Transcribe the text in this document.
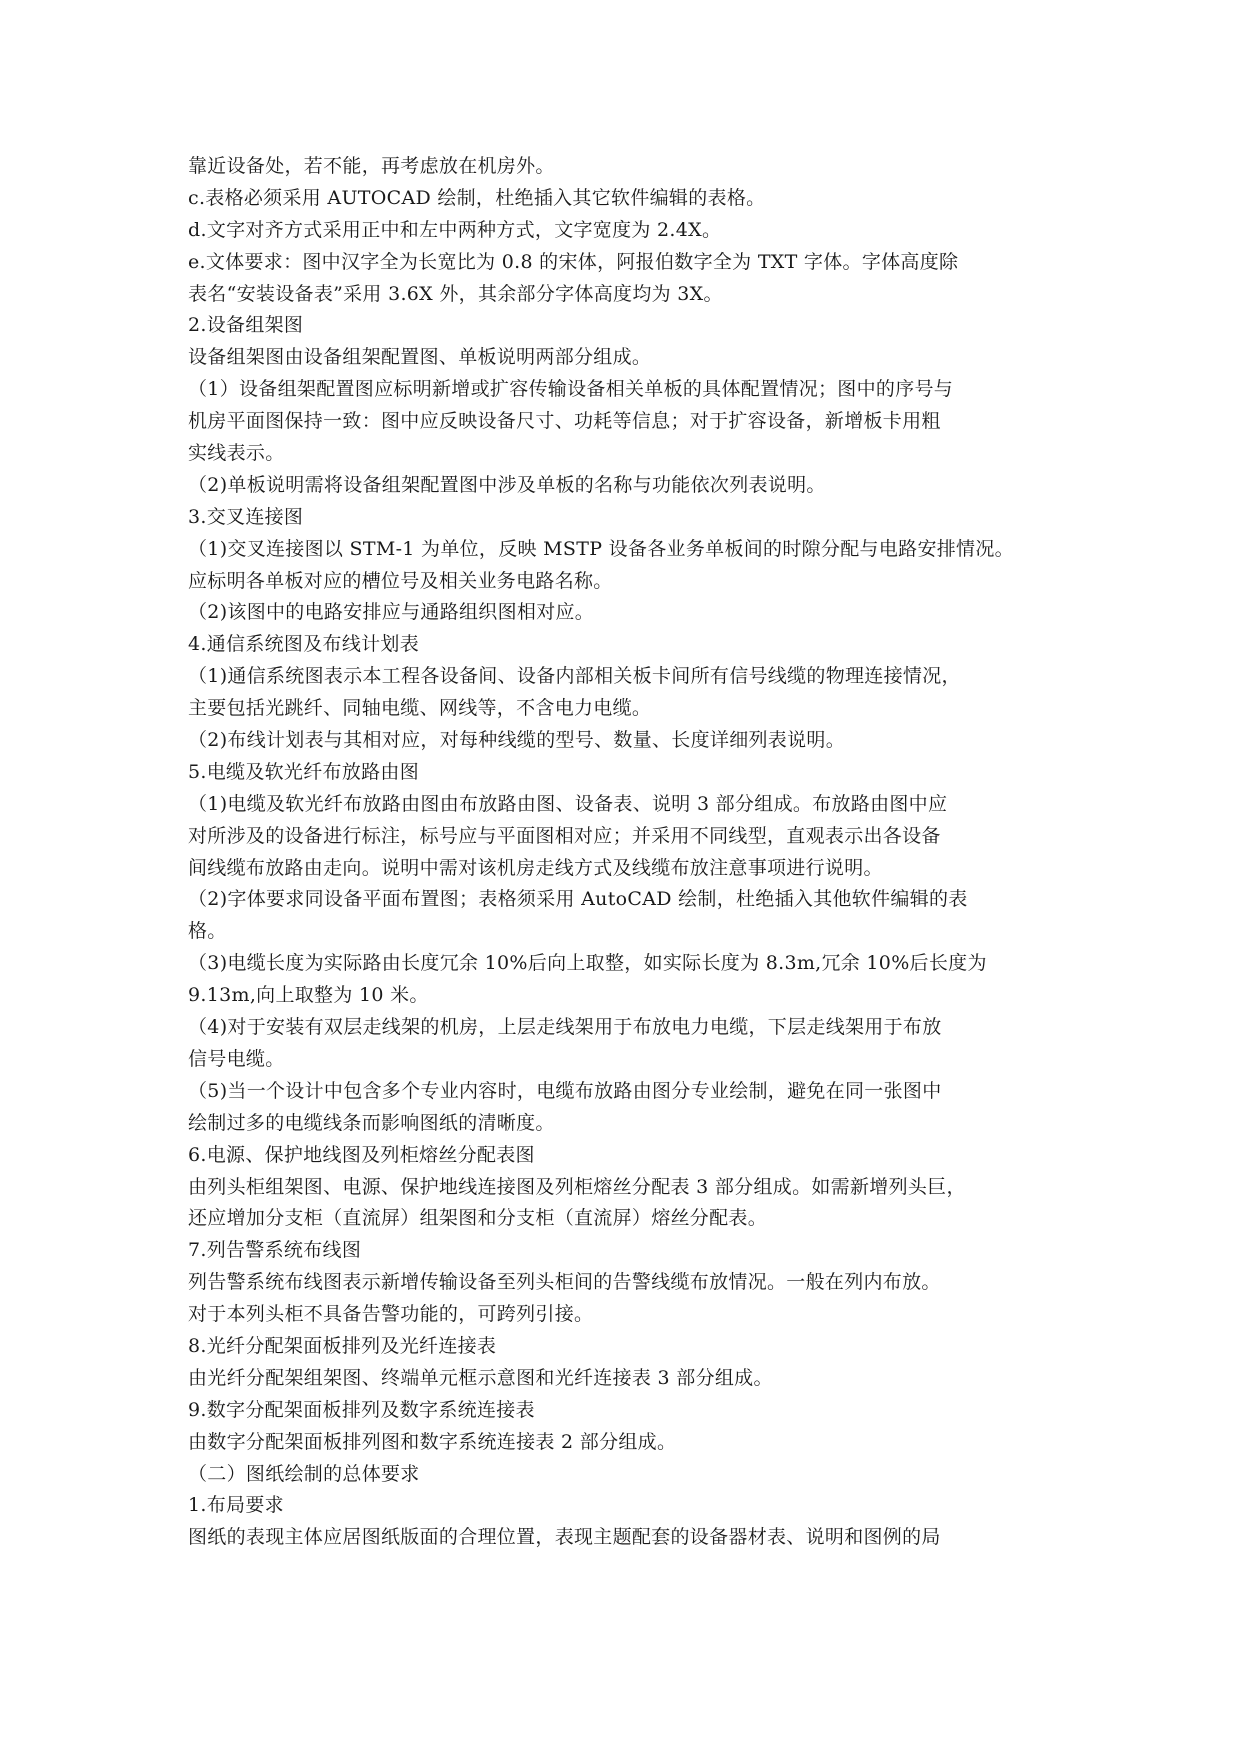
靠近设备处，若不能，再考虑放在机房外。
c.表格必须采用 AUTOCAD 绘制，杜绝插入其它软件编辑的表格。
d.文字对齐方式采用正中和左中两种方式，文字宽度为 2.4X。
e.文体要求：图中汉字全为长宽比为 0.8 的宋体，阿报伯数字全为 TXT 字体。字体高度除
表名“安装设备表”采用 3.6X 外，其余部分字体高度均为 3X。
2.设备组架图
设备组架图由设备组架配置图、单板说明两部分组成。
（1）设备组架配置图应标明新增或扩容传输设备相关单板的具体配置情况；图中的序号与
机房平面图保持一致：图中应反映设备尺寸、功耗等信息；对于扩容设备，新增板卡用粗
实线表示。
（2)单板说明需将设备组架配置图中涉及单板的名称与功能依次列表说明。
3.交叉连接图
（1)交叉连接图以 STM-1 为单位，反映 MSTP 设备各业务单板间的时隙分配与电路安排情况。
应标明各单板对应的槽位号及相关业务电路名称。
（2)该图中的电路安排应与通路组织图相对应。
4.通信系统图及布线计划表
（1)通信系统图表示本工程各设备间、设备内部相关板卡间所有信号线缆的物理连接情况，
主要包括光跳纤、同轴电缆、网线等，不含电力电缆。
（2)布线计划表与其相对应，对每种线缆的型号、数量、长度详细列表说明。
5.电缆及软光纤布放路由图
（1)电缆及软光纤布放路由图由布放路由图、设备表、说明 3 部分组成。布放路由图中应
对所涉及的设备进行标注，标号应与平面图相对应；并采用不同线型，直观表示出各设备
间线缆布放路由走向。说明中需对该机房走线方式及线缆布放注意事项进行说明。
（2)字体要求同设备平面布置图；表格须采用 AutoCAD 绘制，杜绝插入其他软件编辑的表
格。
（3)电缆长度为实际路由长度冗余 10%后向上取整，如实际长度为 8.3m,冗余 10%后长度为
9.13m,向上取整为 10 米。
（4)对于安装有双层走线架的机房，上层走线架用于布放电力电缆，下层走线架用于布放
信号电缆。
（5)当一个设计中包含多个专业内容时，电缆布放路由图分专业绘制，避免在同一张图中
绘制过多的电缆线条而影响图纸的清晰度。
6.电源、保护地线图及列柜熔丝分配表图
由列头柜组架图、电源、保护地线连接图及列柜熔丝分配表 3 部分组成。如需新增列头巨，
还应增加分支柜（直流屏）组架图和分支柜（直流屏）熔丝分配表。
7.列告警系统布线图
列告警系统布线图表示新增传输设备至列头柜间的告警线缆布放情况。一般在列内布放。
对于本列头柜不具备告警功能的，可跨列引接。
8.光纤分配架面板排列及光纤连接表
由光纤分配架组架图、终端单元框示意图和光纤连接表 3 部分组成。
9.数字分配架面板排列及数字系统连接表
由数字分配架面板排列图和数字系统连接表 2 部分组成。
（二）图纸绘制的总体要求
1.布局要求
图纸的表现主体应居图纸版面的合理位置，表现主题配套的设备器材表、说明和图例的局
